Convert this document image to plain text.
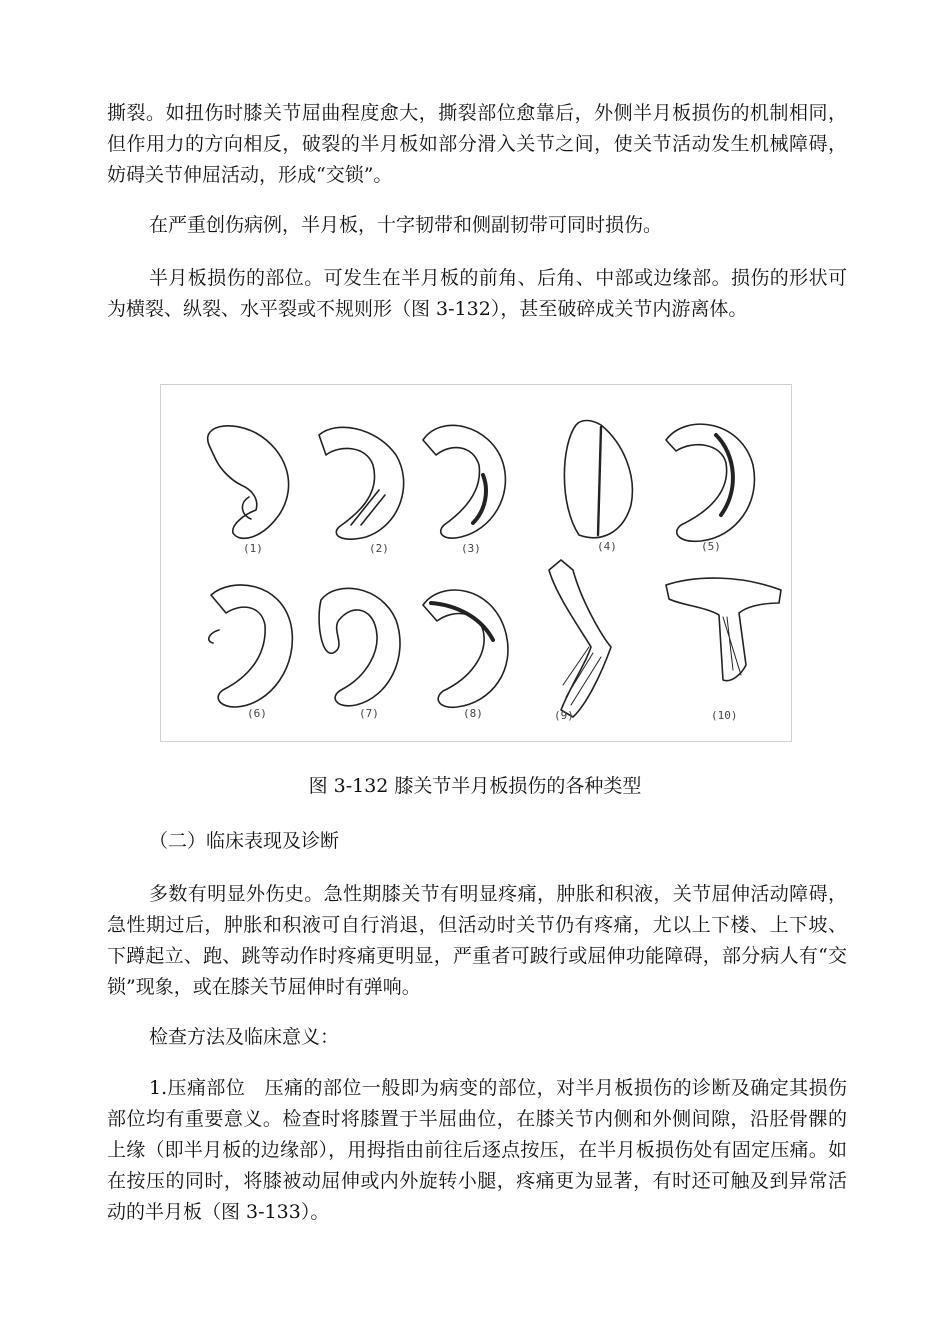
撕裂。如扭伤时膝关节屈曲程度愈大，撕裂部位愈靠后，外侧半月板损伤的机制相同，但作用力的方向相反，破裂的半月板如部分滑入关节之间，使关节活动发生机械障碍，妨碍关节伸屈活动，形成“交锁”。

在严重创伤病例，半月板，十字韧带和侧副韧带可同时损伤。

半月板损伤的部位。可发生在半月板的前角、后角、中部或边缘部。损伤的形状可为横裂、纵裂、水平裂或不规则形（图 3-132），甚至破碎成关节内游离体。

(1)	(2)	(3)	(4)	(5)
(6)	(7)	(8)	(9)	(10)
图 3-132 膝关节半月板损伤的各种类型

（二）临床表现及诊断

多数有明显外伤史。急性期膝关节有明显疼痛，肿胀和积液，关节屈伸活动障碍，急性期过后，肿胀和积液可自行消退，但活动时关节仍有疼痛，尤以上下楼、上下坡、下蹲起立、跑、跳等动作时疼痛更明显，严重者可跛行或屈伸功能障碍，部分病人有“交锁”现象，或在膝关节屈伸时有弹响。

检查方法及临床意义：

1.压痛部位　压痛的部位一般即为病变的部位，对半月板损伤的诊断及确定其损伤部位均有重要意义。检查时将膝置于半屈曲位，在膝关节内侧和外侧间隙，沿胫骨髁的上缘（即半月板的边缘部），用拇指由前往后逐点按压，在半月板损伤处有固定压痛。如在按压的同时，将膝被动屈伸或内外旋转小腿，疼痛更为显著，有时还可触及到异常活动的半月板（图 3-133）。
